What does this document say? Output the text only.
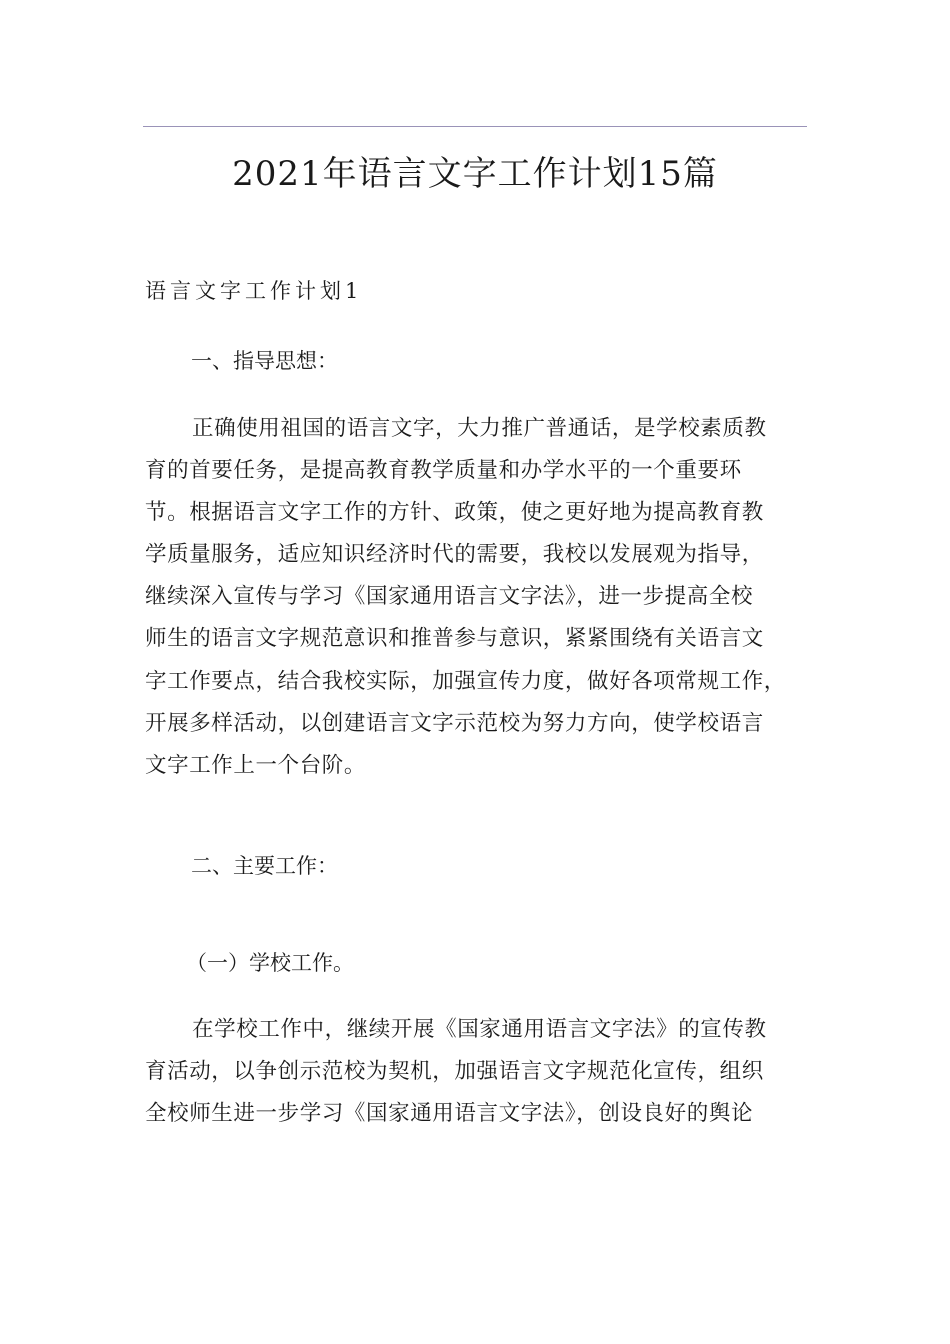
2021年语言文字工作计划15篇
语言文字工作计划1
一、指导思想：
正确使用祖国的语言文字，大力推广普通话，是学校素质教
育的首要任务，是提高教育教学质量和办学水平的一个重要环
节。根据语言文字工作的方针、政策，使之更好地为提高教育教
学质量服务，适应知识经济时代的需要，我校以发展观为指导，
继续深入宣传与学习《国家通用语言文字法》，进一步提高全校
师生的语言文字规范意识和推普参与意识，紧紧围绕有关语言文
字工作要点，结合我校实际，加强宣传力度，做好各项常规工作，
开展多样活动，以创建语言文字示范校为努力方向，使学校语言
文字工作上一个台阶。
二、主要工作：
（一）学校工作。
在学校工作中，继续开展《国家通用语言文字法》的宣传教
育活动，以争创示范校为契机，加强语言文字规范化宣传，组织
全校师生进一步学习《国家通用语言文字法》，创设良好的舆论
